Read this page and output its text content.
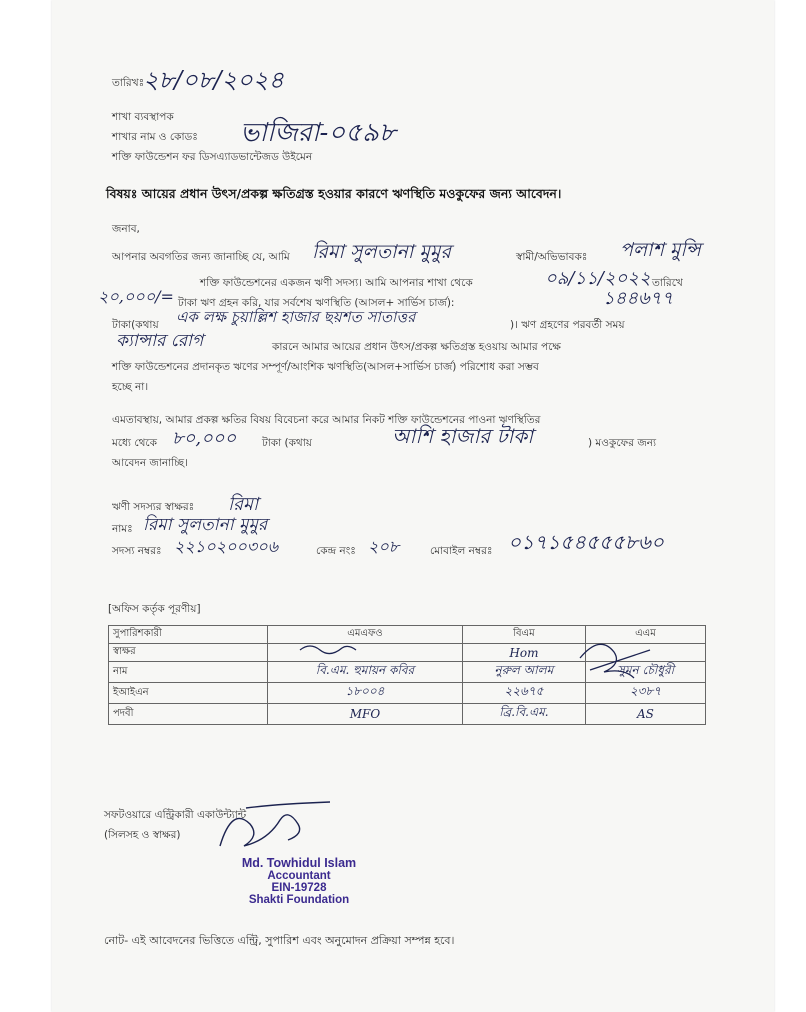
তারিখঃ
২৮/০৮/২০২৪
শাখা ব্যবস্থাপক
শাখার নাম ও কোডঃ ভাজিরা-০৫৯৮
শক্তি ফাউন্ডেশন ফর ডিসএ্যাডভান্টেজড উইমেন
বিষয়ঃ আয়ের প্রধান উৎস/প্রকল্প ক্ষতিগ্রস্ত হওয়ার কারণে ঋণস্থিতি মওকুফের জন্য আবেদন।
জনাব,
আপনার অবগতির জন্য জানাচ্ছি যে, আমি রিমা সুলতানা মুমুর	স্বামী/অভিভাবকঃ পলাশ মুন্সি
শক্তি ফাউন্ডেশনের একজন ঋণী সদস্য। আমি আপনার শাখা থেকে	০৯/১১/২০২২ তারিখে
২০,০০০/= টাকা ঋণ গ্রহন করি, যার সর্বশেষ ঋণস্থিতি (আসল+ সার্ভিস চার্জ):	১৪৪৬৭৭
টাকা(কথায় এক লক্ষ চুয়াল্লিশ হাজার ছয়শত সাতাত্তর	)। ঋণ গ্রহণের পরবর্তী সময়
ক্যান্সার রোগ	কারনে আমার আয়ের প্রধান উৎস/প্রকল্প ক্ষতিগ্রস্ত হওয়ায় আমার পক্ষে
শক্তি ফাউন্ডেশনের প্রদানকৃত ঋণের সম্পূর্ণ/আংশিক ঋণস্থিতি(আসল+সার্ভিস চার্জ) পরিশোধ করা সম্ভব
হচ্ছে না।
এমতাবস্থায়, আমার প্রকল্প ক্ষতির বিষয় বিবেচনা করে আমার নিকট শক্তি ফাউন্ডেশনের পাওনা ঋণস্থিতির
মধ্যে থেকে ৮০,০০০ টাকা (কথায়	আশি হাজার টাকা	) মওকুফের জন্য
আবেদন জানাচ্ছি।
ঋণী সদস্যর স্বাক্ষরঃ রিমা
নামঃ রিমা সুলতানা মুমুর
সদস্য নম্বরঃ ২২১০২০০৩০৬	কেন্দ্র নংঃ ২০৮	মোবাইল নম্বরঃ ০১৭১৫৪৫৫৫৮৬০
[অফিস কর্তৃক পূরণীয়]
সুপারিশকারী	এমএফও	বিএম	এএম
স্বাক্ষর		Hom	
নাম	বি.এম. হুমায়ন কবির	নুরুল আলম	সুমন চৌধুরী
ইআইএন	১৮০০৪	২২৬৭৫	২৩৮৭
পদবী	MFO	ব্রি.বি.এম.	AS
সফটওয়ারে এন্ট্রিকারী একাউন্ট্যান্ট
(সিলসহ ও স্বাক্ষর)
Md. Towhidul Islam
Accountant
EIN-19728
Shakti Foundation
নোট- এই আবেদনের ভিত্তিতে এন্ট্রি, সুপারিশ এবং অনুমোদন প্রক্রিয়া সম্পন্ন হবে।
